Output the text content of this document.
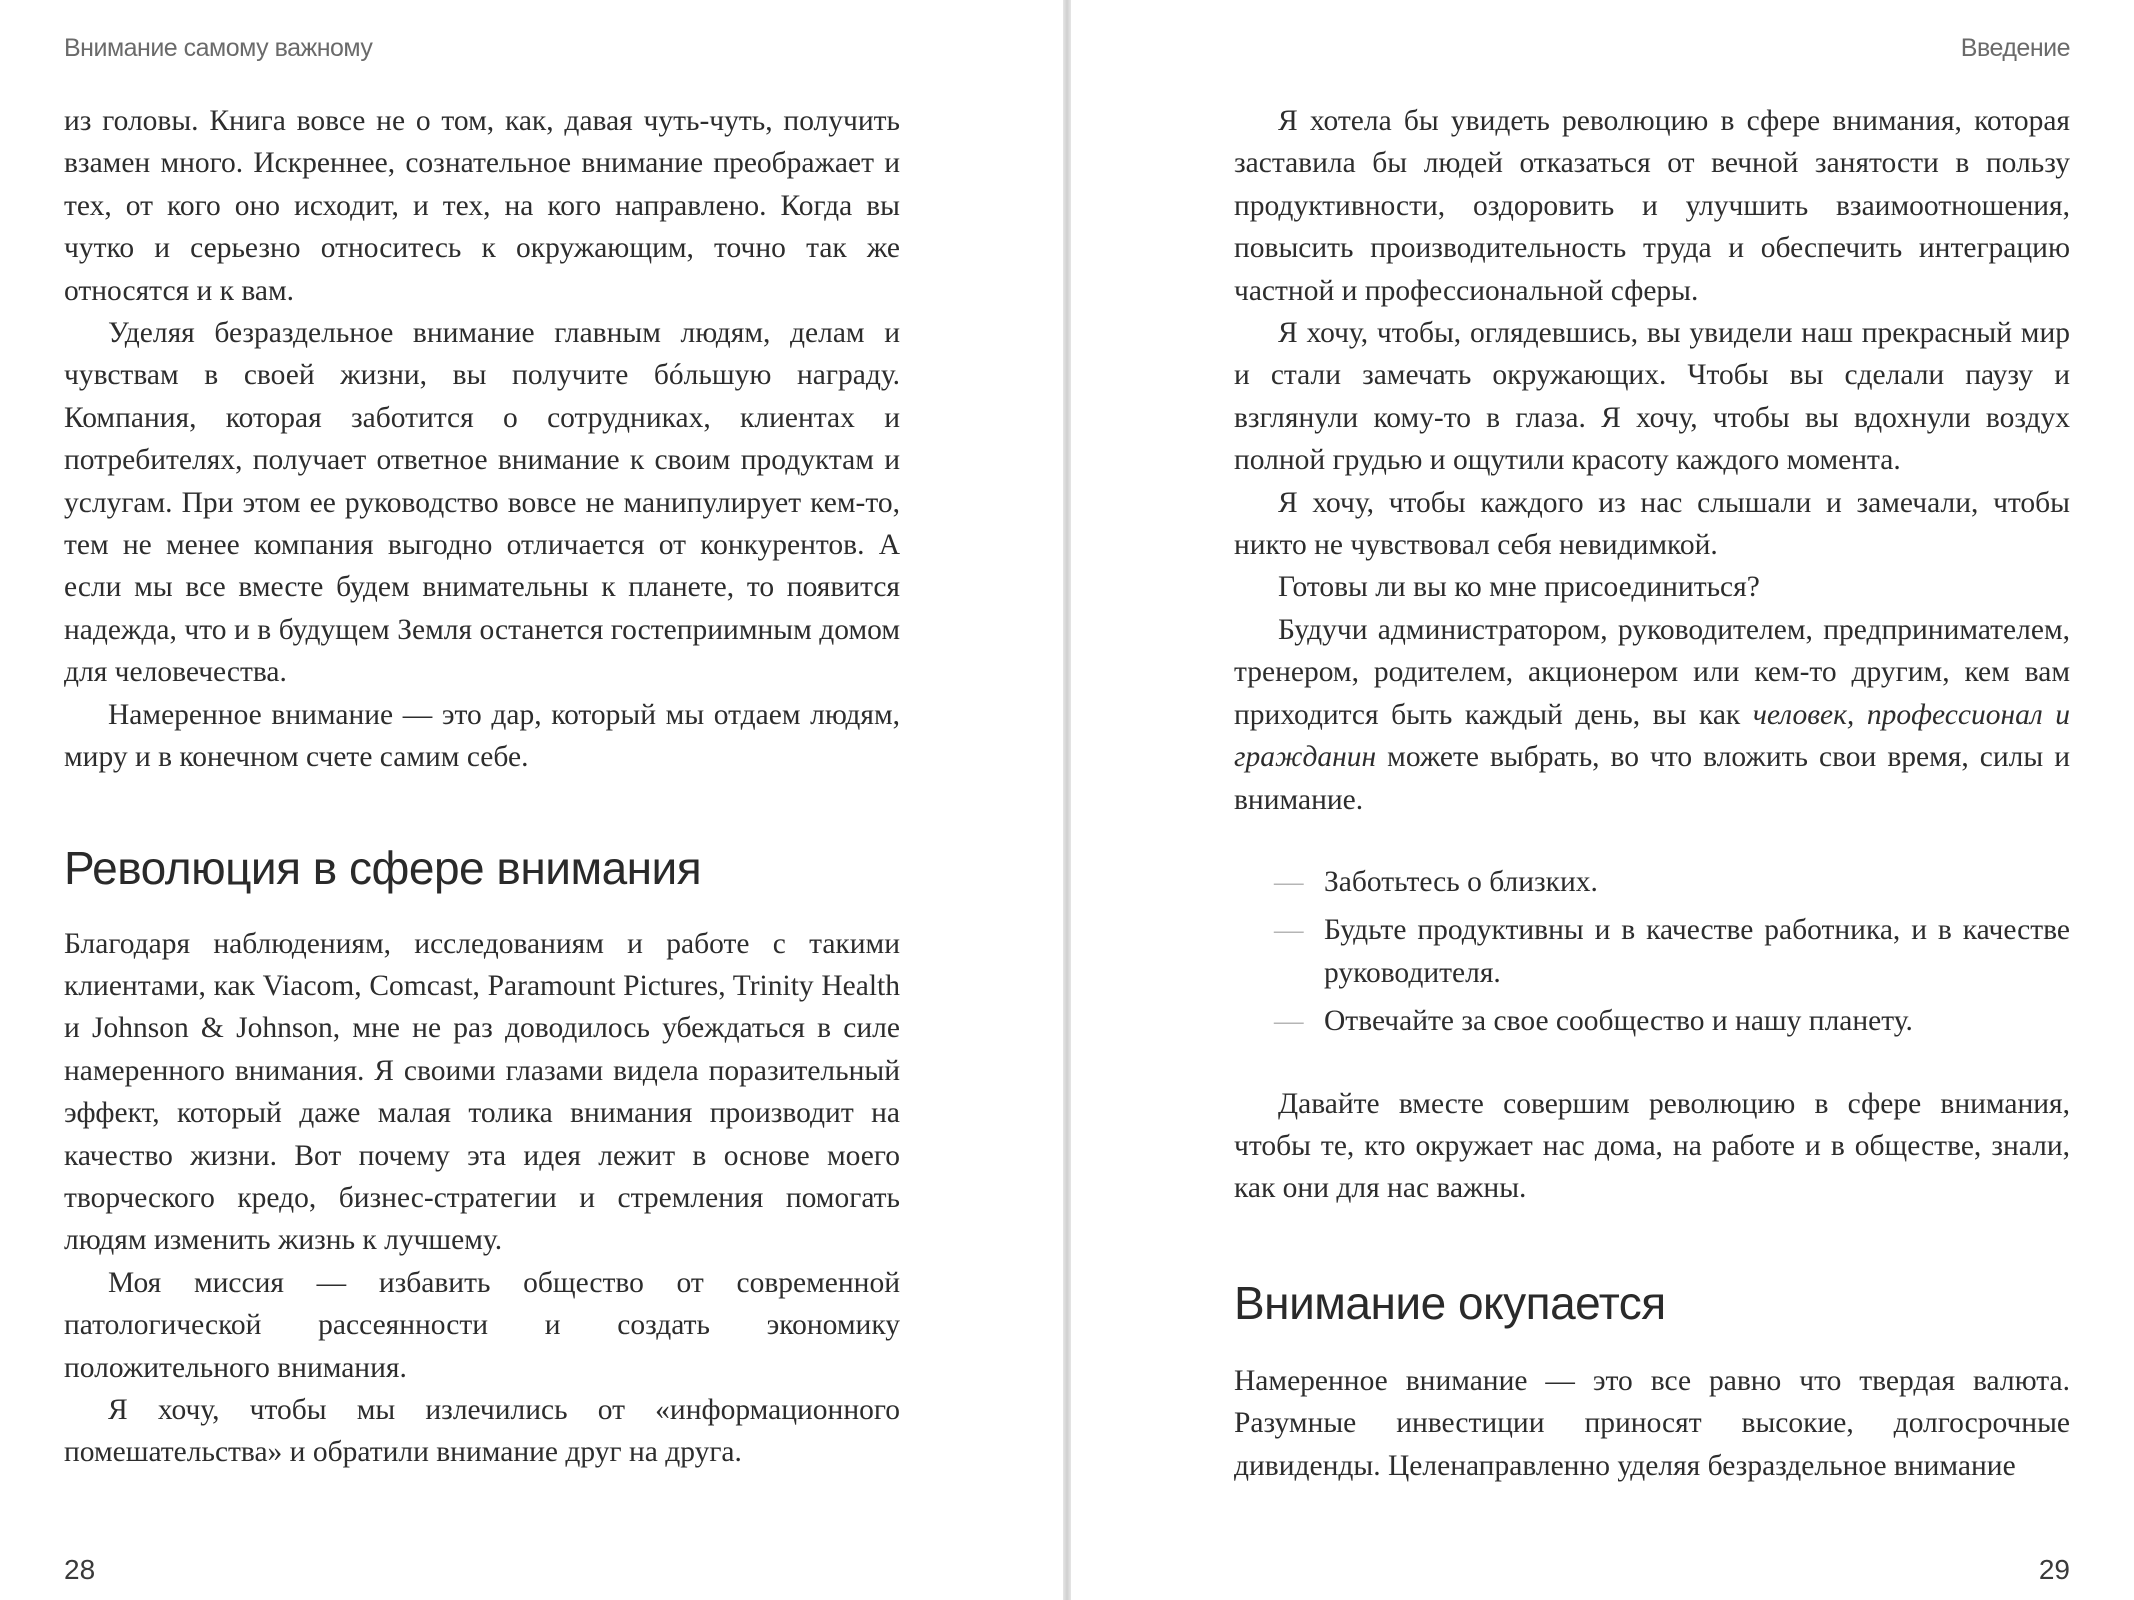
Внимание самому важному

из головы. Книга вовсе не о том, как, давая чуть-чуть, получить взамен много. Искреннее, сознательное внимание преображает и тех, от кого оно исходит, и тех, на кого направлено. Когда вы чутко и серьезно относитесь к окружающим, точно так же относятся и к вам.

Уделяя безраздельное внимание главным людям, делам и чувствам в своей жизни, вы получите бóльшую награду. Компания, которая заботится о сотрудниках, клиентах и потребителях, получает ответное внимание к своим продуктам и услугам. При этом ее руководство вовсе не манипулирует кем-то, тем не менее компания выгодно отличается от конкурентов. А если мы все вместе будем внимательны к планете, то появится надежда, что и в будущем Земля останется гостеприимным домом для человечества.

Намеренное внимание — это дар, который мы отдаем людям, миру и в конечном счете самим себе.

Революция в сфере внимания

Благодаря наблюдениям, исследованиям и работе с такими клиентами, как Viacom, Comcast, Paramount Pictures, Trinity Health и Johnson & Johnson, мне не раз доводилось убеждаться в силе намеренного внимания. Я своими глазами видела поразительный эффект, который даже малая толика внимания производит на качество жизни. Вот почему эта идея лежит в основе моего творческого кредо, бизнес-стратегии и стремления помогать людям изменить жизнь к лучшему.

Моя миссия — избавить общество от современной патологической рассеянности и создать экономику положительного внимания.

Я хочу, чтобы мы излечились от «информационного помешательства» и обратили внимание друг на друга.

28
Введение

Я хотела бы увидеть революцию в сфере внимания, которая заставила бы людей отказаться от вечной занятости в пользу продуктивности, оздоровить и улучшить взаимоотношения, повысить производительность труда и обеспечить интеграцию частной и профессиональной сферы.

Я хочу, чтобы, оглядевшись, вы увидели наш прекрасный мир и стали замечать окружающих. Чтобы вы сделали паузу и взглянули кому-то в глаза. Я хочу, чтобы вы вдохнули воздух полной грудью и ощутили красоту каждого момента.

Я хочу, чтобы каждого из нас слышали и замечали, чтобы никто не чувствовал себя невидимкой.

Готовы ли вы ко мне присоединиться?

Будучи администратором, руководителем, предпринимателем, тренером, родителем, акционером или кем-то другим, кем вам приходится быть каждый день, вы как человек, профессионал и гражданин можете выбрать, во что вложить свои время, силы и внимание.

— Заботьтесь о близких.
— Будьте продуктивны и в качестве работника, и в качестве руководителя.
— Отвечайте за свое сообщество и нашу планету.

Давайте вместе совершим революцию в сфере внимания, чтобы те, кто окружает нас дома, на работе и в обществе, знали, как они для нас важны.

Внимание окупается

Намеренное внимание — это все равно что твердая валюта. Разумные инвестиции приносят высокие, долгосрочные дивиденды. Целенаправленно уделяя безраздельное внимание

29
